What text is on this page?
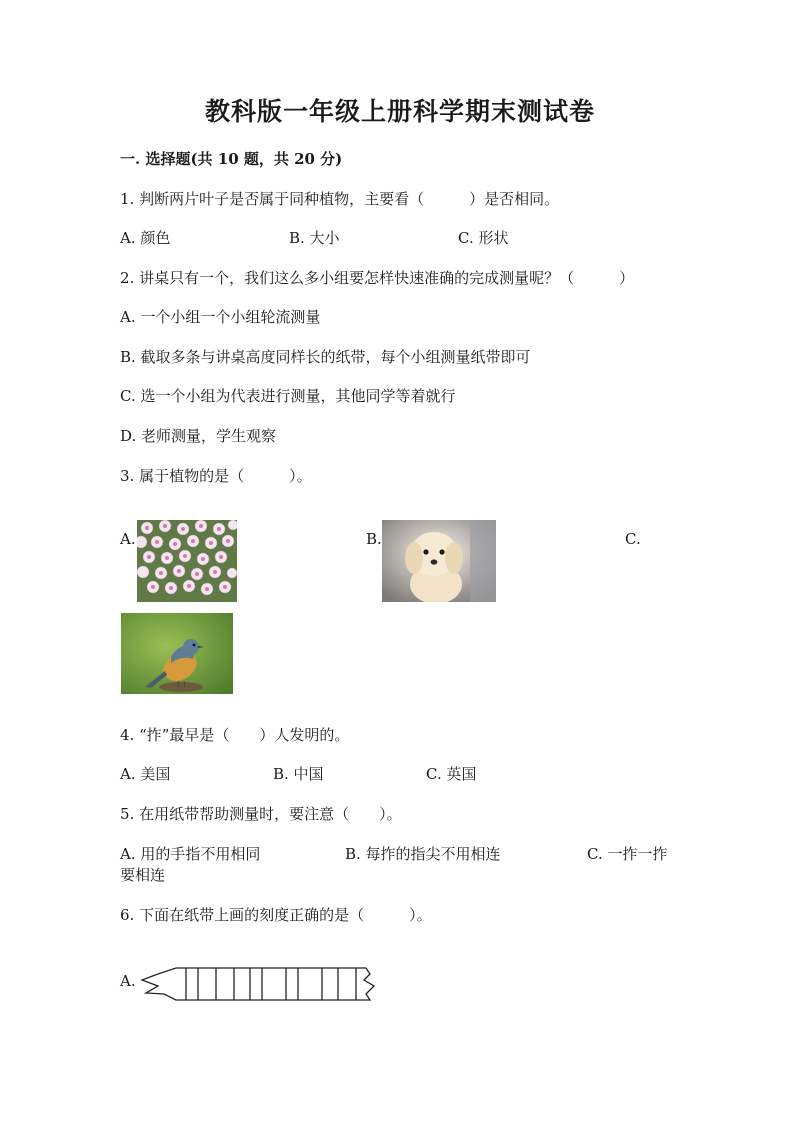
教科版一年级上册科学期末测试卷
一. 选择题(共 10 题，共 20 分)
1. 判断两片叶子是否属于同种植物，主要看（　　　）是否相同。
A. 颜色	B. 大小	C. 形状
2. 讲桌只有一个，我们这么多小组要怎样快速准确的完成测量呢？（　　　）
A. 一个小组一个小组轮流测量
B. 截取多条与讲桌高度同样长的纸带，每个小组测量纸带即可
C. 选一个小组为代表进行测量，其他同学等着就行
D. 老师测量，学生观察
3. 属于植物的是（　　　）。
A.	B.	C.
4. “拃”最早是（　　）人发明的。
A. 美国	B. 中国	C. 英国
5. 在用纸带帮助测量时，要注意（　　）。
A. 用的手指不用相同	B. 每拃的指尖不用相连	C. 一拃一拃
要相连
6. 下面在纸带上画的刻度正确的是（　　　）。
A.
